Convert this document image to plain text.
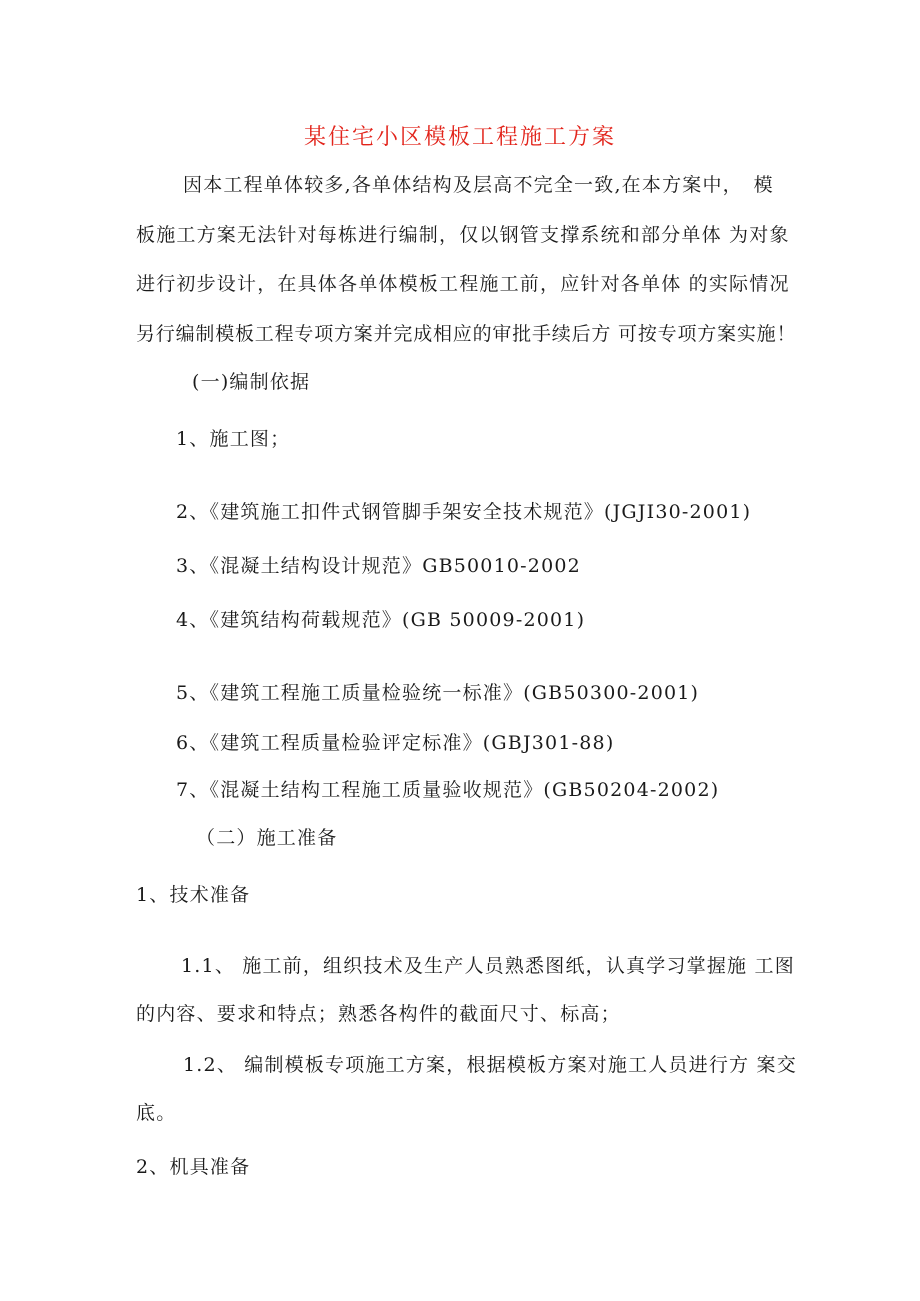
某住宅小区模板工程施工方案
因本工程单体较多,各单体结构及层高不完全一致,在本方案中，　模
板施工方案无法针对每栋进行编制，仅以钢管支撑系统和部分单体 为对象
进行初步设计，在具体各单体模板工程施工前，应针对各单体 的实际情况
另行编制模板工程专项方案并完成相应的审批手续后方 可按专项方案实施！
(一)编制依据
1、施工图；
2、《建筑施工扣件式钢管脚手架安全技术规范》(JGJI30-2001)
3、《混凝土结构设计规范》GB50010-2002
4、《建筑结构荷载规范》(GB 50009-2001)
5、《建筑工程施工质量检验统一标准》(GB50300-2001)
6、《建筑工程质量检验评定标准》(GBJ301-88)
7、《混凝土结构工程施工质量验收规范》(GB50204-2002)
（二）施工准备
1、技术准备
1.1、 施工前，组织技术及生产人员熟悉图纸，认真学习掌握施 工图
的内容、要求和特点；熟悉各构件的截面尺寸、标高；
1.2、 编制模板专项施工方案，根据模板方案对施工人员进行方 案交
底。
2、机具准备
